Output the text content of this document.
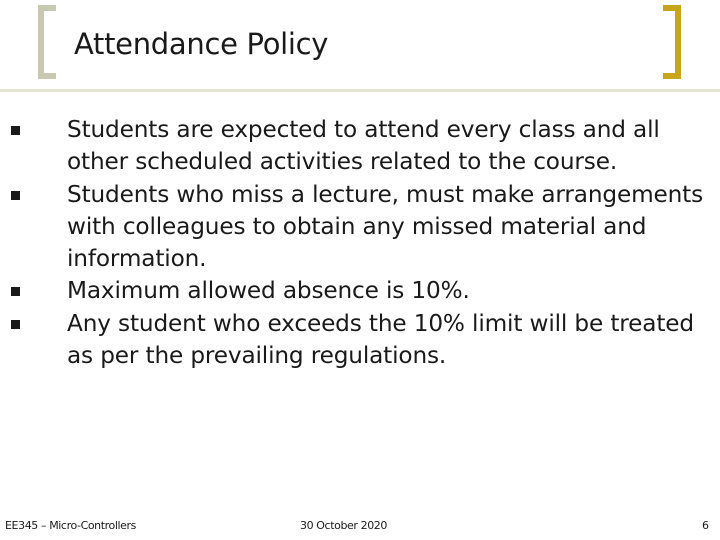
Attendance Policy
Students are expected to attend every class and all other scheduled activities related to the course.
Students who miss a lecture, must make arrangements with colleagues to obtain any missed material and information.
Maximum allowed absence is 10%.
Any student who exceeds the 10% limit will be treated as per the prevailing regulations.
EE345 – Micro-Controllers	30 October 2020	6
